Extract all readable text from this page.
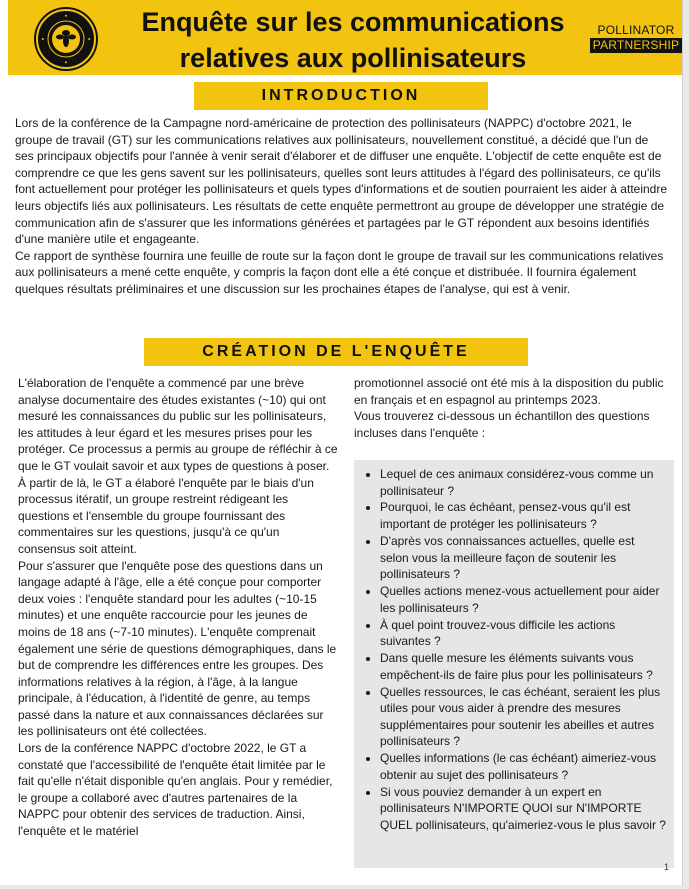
Enquête sur les communications
relatives aux pollinisateurs
POLLINATOR
PARTNERSHIP
INTRODUCTION

Lors de la conférence de la Campagne nord-américaine de protection des pollinisateurs (NAPPC) d'octobre 2021, le groupe de travail (GT) sur les communications relatives aux pollinisateurs, nouvellement constitué, a décidé que l'un de ses principaux objectifs pour l'année à venir serait d'élaborer et de diffuser une enquête. L'objectif de cette enquête est de comprendre ce que les gens savent sur les pollinisateurs, quelles sont leurs attitudes à l'égard des pollinisateurs, ce qu'ils font actuellement pour protéger les pollinisateurs et quels types d'informations et de soutien pourraient les aider à atteindre leurs objectifs liés aux pollinisateurs. Les résultats de cette enquête permettront au groupe de développer une stratégie de communication afin de s'assurer que les informations générées et partagées par le GT répondent aux besoins identifiés d'une manière utile et engageante.

Ce rapport de synthèse fournira une feuille de route sur la façon dont le groupe de travail sur les communications relatives aux pollinisateurs a mené cette enquête, y compris la façon dont elle a été conçue et distribuée. Il fournira également quelques résultats préliminaires et une discussion sur les prochaines étapes de l'analyse, qui est à venir.

CRÉATION DE L'ENQUÊTE

L'élaboration de l'enquête a commencé par une brève analyse documentaire des études existantes (~10) qui ont mesuré les connaissances du public sur les pollinisateurs, les attitudes à leur égard et les mesures prises pour les protéger. Ce processus a permis au groupe de réfléchir à ce que le GT voulait savoir et aux types de questions à poser. À partir de là, le GT a élaboré l'enquête par le biais d'un processus itératif, un groupe restreint rédigeant les questions et l'ensemble du groupe fournissant des commentaires sur les questions, jusqu'à ce qu'un consensus soit atteint.

Pour s'assurer que l'enquête pose des questions dans un langage adapté à l'âge, elle a été conçue pour comporter deux voies : l'enquête standard pour les adultes (~10-15 minutes) et une enquête raccourcie pour les jeunes de moins de 18 ans (~7-10 minutes). L'enquête comprenait également une série de questions démographiques, dans le but de comprendre les différences entre les groupes. Des informations relatives à la région, à l'âge, à la langue principale, à l'éducation, à l'identité de genre, au temps passé dans la nature et aux connaissances déclarées sur les pollinisateurs ont été collectées.

Lors de la conférence NAPPC d'octobre 2022, le GT a constaté que l'accessibilité de l'enquête était limitée par le fait qu'elle n'était disponible qu'en anglais. Pour y remédier, le groupe a collaboré avec d'autres partenaires de la NAPPC pour obtenir des services de traduction. Ainsi, l'enquête et le matériel

promotionnel associé ont été mis à la disposition du public en français et en espagnol au printemps 2023.

Vous trouverez ci-dessous un échantillon des questions incluses dans l'enquête :

• Lequel de ces animaux considérez-vous comme un pollinisateur ?
• Pourquoi, le cas échéant, pensez-vous qu'il est important de protéger les pollinisateurs ?
• D'après vos connaissances actuelles, quelle est selon vous la meilleure façon de soutenir les pollinisateurs ?
• Quelles actions menez-vous actuellement pour aider les pollinisateurs ?
• À quel point trouvez-vous difficile les actions suivantes ?
• Dans quelle mesure les éléments suivants vous empêchent-ils de faire plus pour les pollinisateurs ?
• Quelles ressources, le cas échéant, seraient les plus utiles pour vous aider à prendre des mesures supplémentaires pour soutenir les abeilles et autres pollinisateurs ?
• Quelles informations (le cas échéant) aimeriez-vous obtenir au sujet des pollinisateurs ?
• Si vous pouviez demander à un expert en pollinisateurs N'IMPORTE QUOI sur N'IMPORTE QUEL pollinisateurs, qu'aimeriez-vous le plus savoir ?
1
